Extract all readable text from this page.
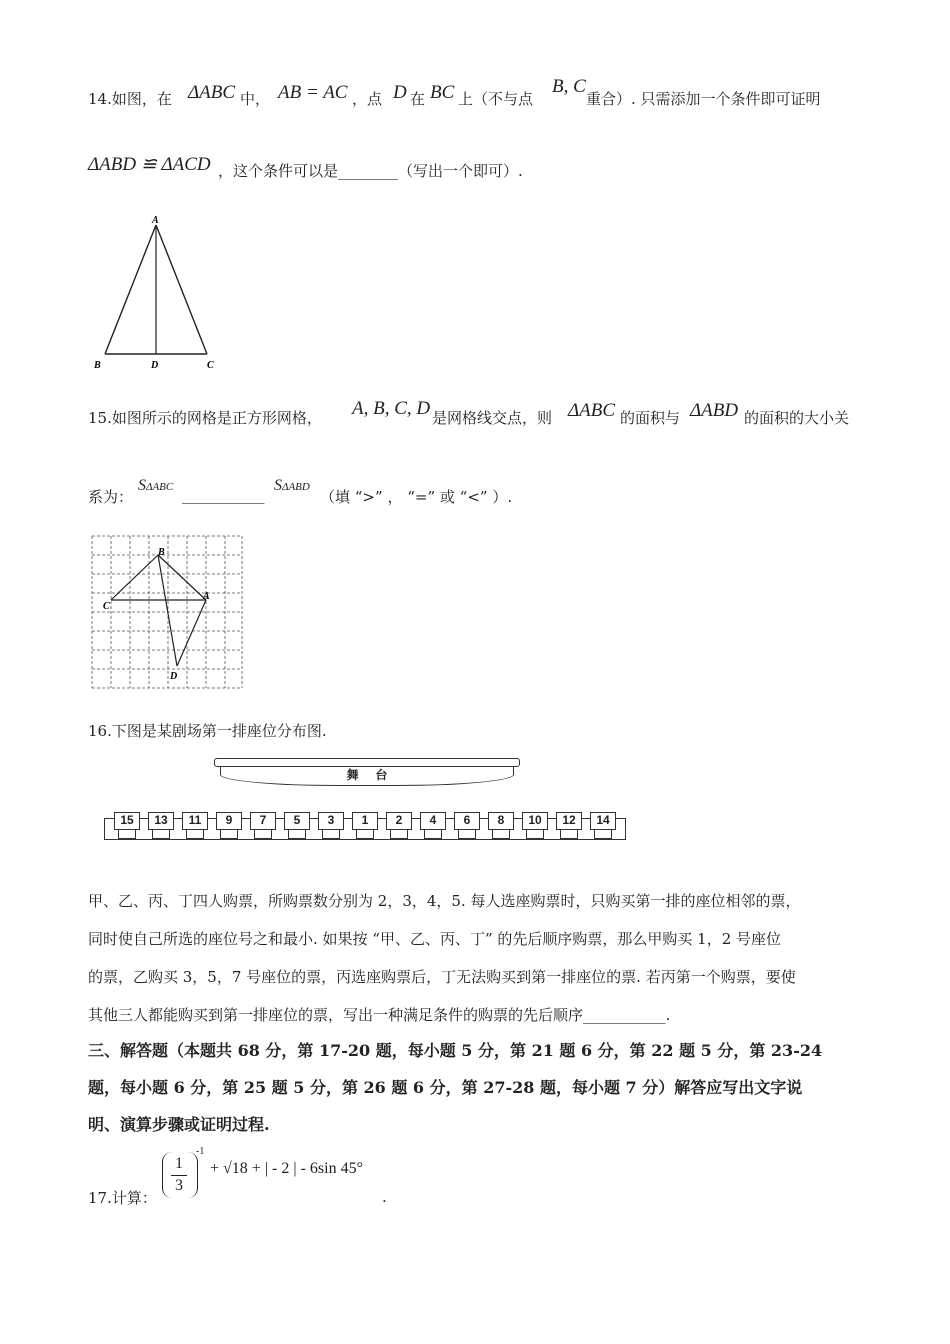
14.如图，在 ΔABC 中， AB = AC ，点 D 在 BC 上（不与点
B, C
重合）. 只需添加一个条件即可证明
ΔABD ≌ ΔACD ，这个条件可以是________（写出一个即可）.
A
B	D	C
15.如图所示的网格是正方形网格， A, B, C, D 是网格线交点，则 ΔABC 的面积与 ΔABD 的面积的大小关
系为：
SΔABC ___________
SΔABD
（填 “>” ， “=” 或 “<” ）.
B
C
A
D
16.下图是某剧场第一排座位分布图.
舞     台
15	13	11	9	7	5	3	1	2	4	6	8	10	12	14
甲、乙、丙、丁四人购票，所购票数分别为 2，3，4，5. 每人选座购票时，只购买第一排的座位相邻的票，
同时使自己所选的座位号之和最小. 如果按 “甲、乙、丙、丁” 的先后顺序购票，那么甲购买 1，2 号座位
的票，乙购买 3，5，7 号座位的票，丙选座购票后，丁无法购买到第一排座位的票. 若丙第一个购票，要使
其他三人都能购买到第一排座位的票，写出一种满足条件的购票的先后顺序___________.
三、解答题（本题共 68 分，第 17-20 题，每小题 5 分，第 21 题 6 分，第 22 题 5 分，第 23-24
题，每小题 6 分，第 25 题 5 分，第 26 题 6 分，第 27-28 题，每小题 7 分）解答应写出文字说
明、演算步骤或证明过程.
17.计算：
1
3
-1
+ √18 + | - 2 | - 6sin 45°
.
